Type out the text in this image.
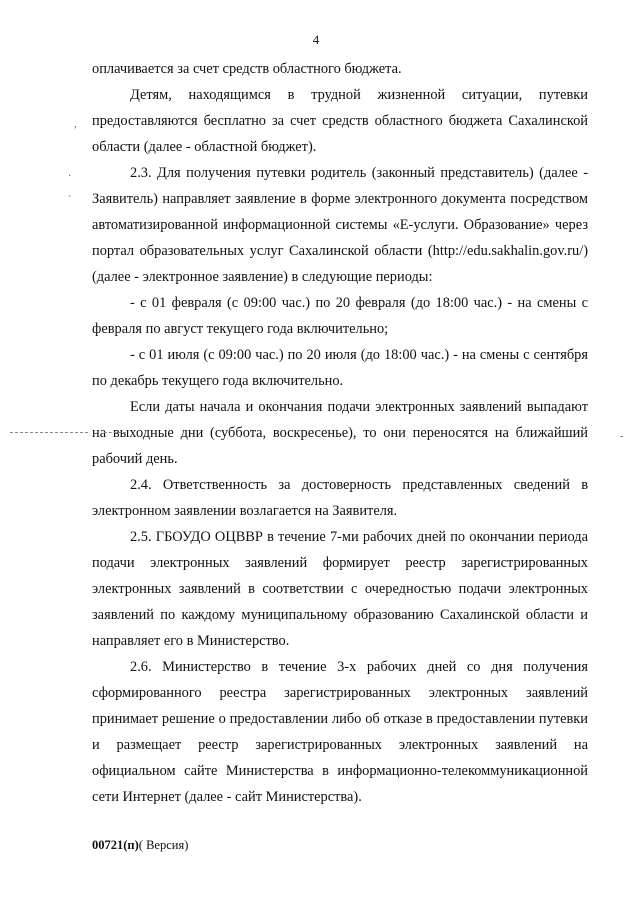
4

оплачивается за счет средств областного бюджета.

Детям, находящимся в трудной жизненной ситуации, путевки предоставляются бесплатно за счет средств областного бюджета Сахалинской области (далее - областной бюджет).

2.3. Для получения путевки родитель (законный представитель) (далее - Заявитель) направляет заявление в форме электронного документа посредством автоматизированной информационной системы «Е-услуги. Образование» через портал образовательных услуг Сахалинской области (http://edu.sakhalin.gov.ru/) (далее - электронное заявление) в следующие периоды:

- с 01 февраля (с 09:00 час.) по 20 февраля (до 18:00 час.) - на смены с февраля по август текущего года включительно;

- с 01 июля (с 09:00 час.) по 20 июля (до 18:00 час.) - на смены с сентября по декабрь текущего года включительно.

Если даты начала и окончания подачи электронных заявлений выпадают на выходные дни (суббота, воскресенье), то они переносятся на ближайший рабочий день.

2.4. Ответственность за достоверность представленных сведений в электронном заявлении возлагается на Заявителя.

2.5. ГБОУДО ОЦВВР в течение 7-ми рабочих дней по окончании периода подачи электронных заявлений формирует реестр зарегистрированных электронных заявлений в соответствии с очередностью подачи электронных заявлений по каждому муниципальному образованию Сахалинской области и направляет его в Министерство.

2.6. Министерство в течение 3-х рабочих дней со дня получения сформированного реестра зарегистрированных электронных заявлений принимает решение о предоставлении либо об отказе в предоставлении путевки и размещает реестр зарегистрированных электронных заявлений на официальном сайте Министерства в информационно-телекоммуникационной сети Интернет (далее - сайт Министерства).

00721(п)( Версия)
,
·
`
-
